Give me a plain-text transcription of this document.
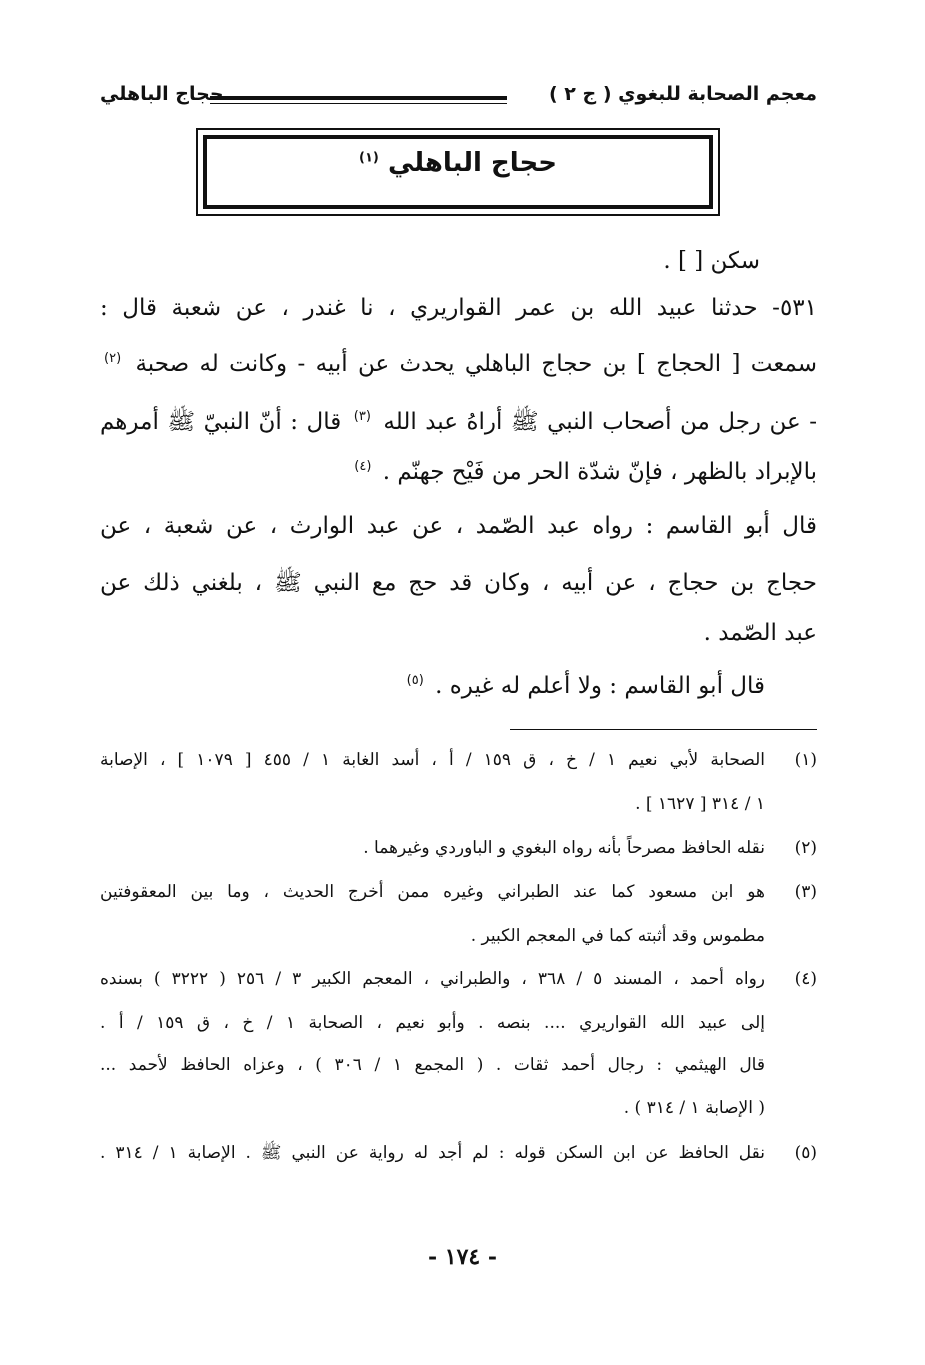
معجم الصحابة للبغوي ( ج ٢ )
حجاج الباهلي
حجاج الباهلي $^{(١)}$
سكن [ ] .
٥٣١- حدثنا عبيد الله بن عمر القواريري ، نا غندر ، عن شعبة قال :
سمعت [ الحجاج ] بن حجاج الباهلي يحدث عن أبيه - وكانت له صحبة $^{(٢)}$
- عن رجل من أصحاب النبي ﷺ أراهُ عبد الله $^{(٣)}$ قال : أنّ النبيّ ﷺ أمرهم
بالإبراد بالظهر ، فإنّ شدّة الحر من فَيْح جهنّم . $^{(٤)}$
قال أبو القاسم : رواه عبد الصّمد ، عن عبد الوارث ، عن شعبة ، عن
حجاج بن حجاج ، عن أبيه ، وكان قد حج مع النبي ﷺ ، بلغني ذلك عن
عبد الصّمد .
قال أبو القاسم : ولا أعلم له غيره . $^{(٥)}$
(١)الصحابة لأبي نعيم ١ / خ ، ق ١٥٩ / أ ، أسد الغابة ١ / ٤٥٥ [ ١٠٧٩ ] ، الإصابة
١ / ٣١٤ [ ١٦٢٧ ] .
(٢)نقله الحافظ مصرحاً بأنه رواه البغوي و الباوردي وغيرهما .
(٣)هو ابن مسعود كما عند الطبراني وغيره ممن أخرج الحديث ، وما بين المعقوفتين
مطموس وقد أثبته كما في المعجم الكبير .
(٤)رواه أحمد ، المسند ٥ / ٣٦٨ ، والطبراني ، المعجم الكبير ٣ / ٢٥٦ ( ٣٢٢٢ ) بسنده
إلى عبيد الله القواريري .... بنصه . وأبو نعيم ، الصحابة ١ / خ ، ق ١٥٩ / أ .
قال الهيثمي : رجال أحمد ثقات . ( المجمع ١ / ٣٠٦ ) ، وعزاه الحافظ لأحمد ...
( الإصابة ١ / ٣١٤ ) .
(٥)نقل الحافظ عن ابن السكن قوله : لم أجد له رواية عن النبي ﷺ . الإصابة ١ / ٣١٤ .
- ١٧٤ -
